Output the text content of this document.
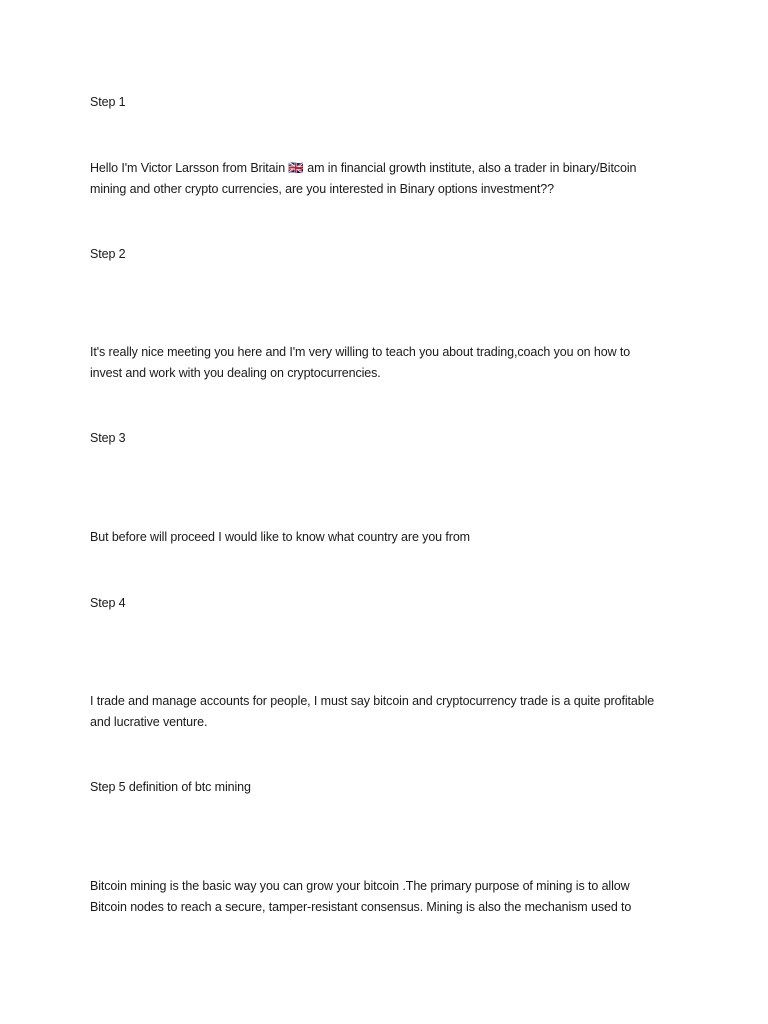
Step 1
Hello I'm Victor Larsson from Britain 🇬🇧 am in financial growth institute, also a trader in binary/Bitcoin
mining and other crypto currencies, are you interested in Binary options investment??
Step 2
It's really nice meeting you here and I'm very willing to teach you about trading,coach you on how to
invest and work with you dealing on cryptocurrencies.
Step 3
But before will proceed I would like to know what country are you from
Step 4
I trade and manage accounts for people, I must say bitcoin and cryptocurrency trade is a quite profitable
and lucrative venture.
Step 5 definition of btc mining
Bitcoin mining is the basic way you can grow your bitcoin .The primary purpose of mining is to allow
Bitcoin nodes to reach a secure, tamper-resistant consensus. Mining is also the mechanism used to
